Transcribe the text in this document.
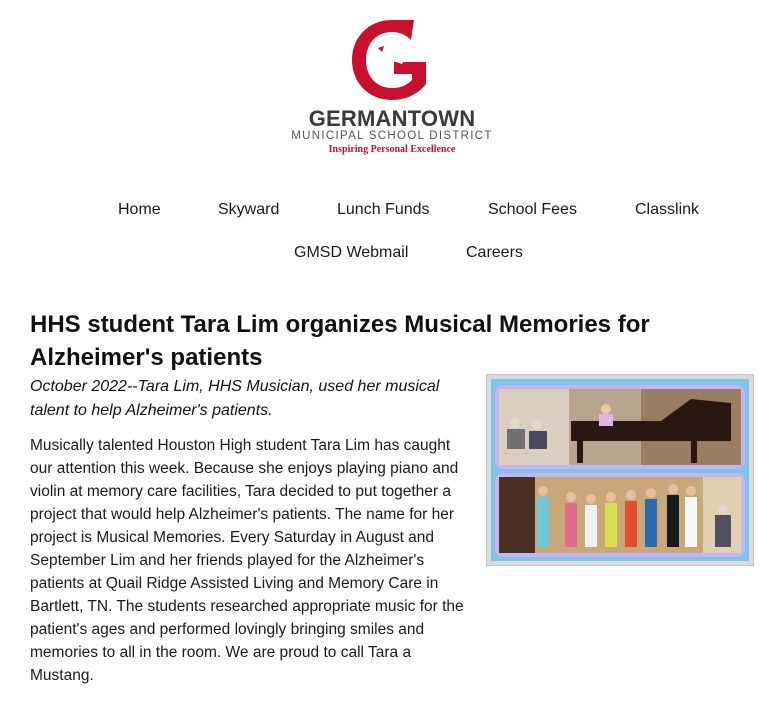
GERMANTOWN
MUNICIPAL SCHOOL DISTRICT
Inspiring Personal Excellence
Home	Skyward	Lunch Funds	School Fees	Classlink
GMSD Webmail	Careers
HHS student Tara Lim organizes Musical Memories for Alzheimer's patients

October 2022--Tara Lim, HHS Musician, used her musical talent to help Alzheimer's patients.

Musically talented Houston High student Tara Lim has caught our attention this week. Because she enjoys playing piano and violin at memory care facilities, Tara decided to put together a project that would help Alzheimer's patients. The name for her project is Musical Memories. Every Saturday in August and September Lim and her friends played for the Alzheimer's patients at Quail Ridge Assisted Living and Memory Care in Bartlett, TN. The students researched appropriate music for the patient's ages and performed lovingly bringing smiles and memories to all in the room. We are proud to call Tara a Mustang.
